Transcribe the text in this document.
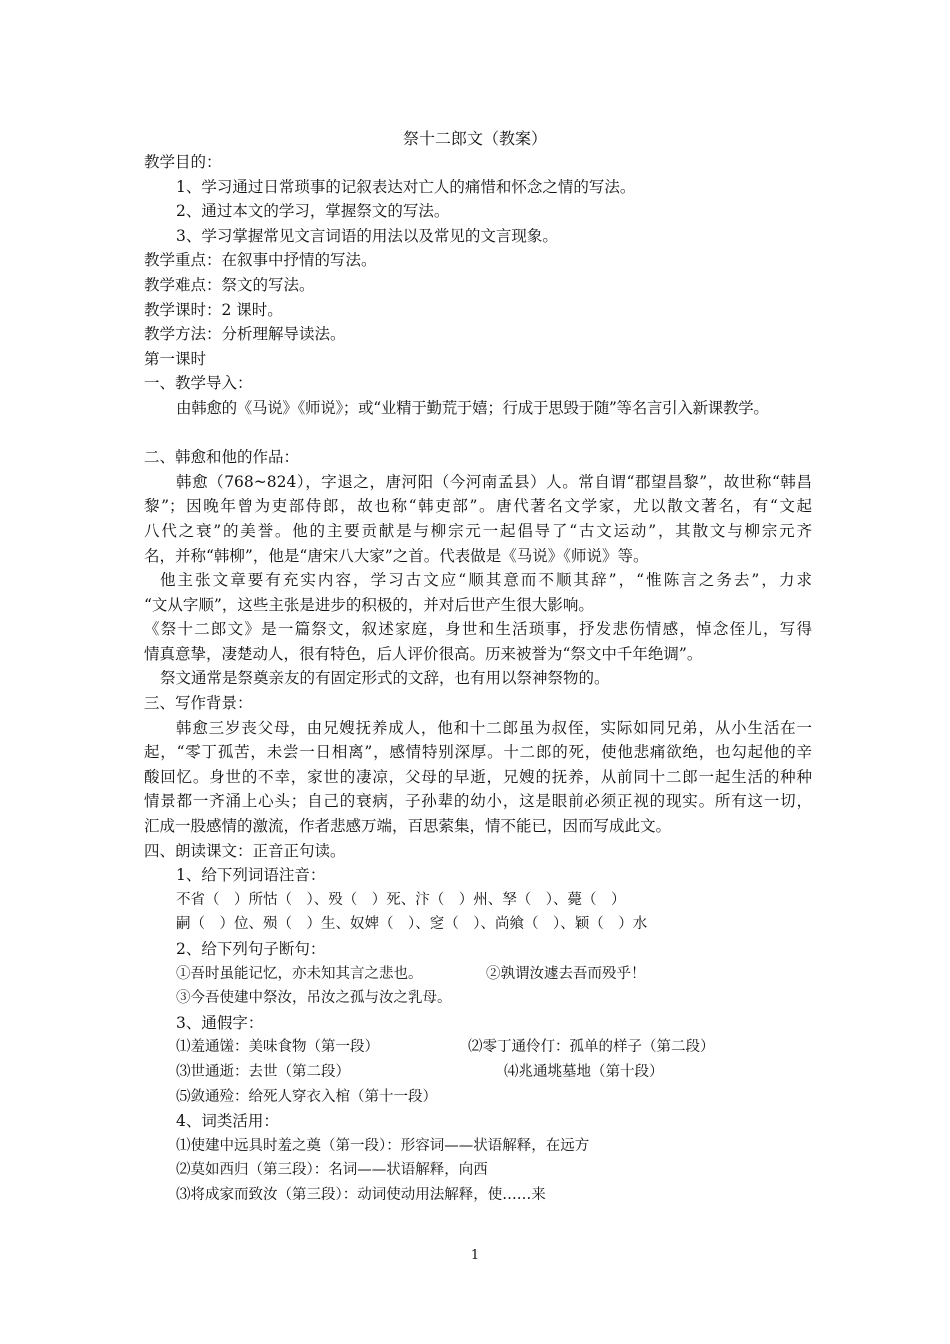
祭十二郎文（教案）
教学目的：
1、学习通过日常琐事的记叙表达对亡人的痛惜和怀念之情的写法。
2、通过本文的学习，掌握祭文的写法。
3、学习掌握常见文言词语的用法以及常见的文言现象。
教学重点：在叙事中抒情的写法。
教学难点：祭文的写法。
教学课时：2 课时。
教学方法：分析理解导读法。
第一课时
一、教学导入：
由韩愈的《马说》《师说》；或“业精于勤荒于嬉；行成于思毁于随”等名言引入新课教学。
二、韩愈和他的作品：
韩愈（768~824），字退之，唐河阳（今河南孟县）人。常自谓“郡望昌黎”，故世称“韩昌
黎”；因晚年曾为吏部侍郎，故也称“韩吏部”。唐代著名文学家，尤以散文著名，有“文起
八代之衰”的美誉。他的主要贡献是与柳宗元一起倡导了“古文运动”，其散文与柳宗元齐
名，并称“韩柳”，他是“唐宋八大家”之首。代表做是《马说》《师说》等。
他主张文章要有充实内容，学习古文应“顺其意而不顺其辞”，“惟陈言之务去”，力求
“文从字顺”，这些主张是进步的积极的，并对后世产生很大影响。
《祭十二郎文》是一篇祭文，叙述家庭，身世和生活琐事，抒发悲伤情感，悼念侄儿，写得
情真意挚，凄楚动人，很有特色，后人评价很高。历来被誉为“祭文中千年绝调”。
祭文通常是祭奠亲友的有固定形式的文辞，也有用以祭神祭物的。
三、写作背景：
韩愈三岁丧父母，由兄嫂抚养成人，他和十二郎虽为叔侄，实际如同兄弟，从小生活在一
起，“零丁孤苦，未尝一日相离”，感情特别深厚。十二郎的死，使他悲痛欲绝，也勾起他的辛
酸回忆。身世的不幸，家世的凄凉，父母的早逝，兄嫂的抚养，从前同十二郎一起生活的种种
情景都一齐涌上心头；自己的衰病，子孙辈的幼小，这是眼前必须正视的现实。所有这一切，
汇成一股感情的激流，作者悲感万端，百思萦集，情不能已，因而写成此文。
四、朗读课文：正音正句读。
1、给下列词语注音：
不省（　）所怙（　）、殁（　）死、汴（　）州、孥（　）、薨（　）
嗣（　）位、殒（　）生、奴婢（　）、窆（　）、尚飨（　）、颖（　）水
2、给下列句子断句：
①吾时虽能记忆，亦未知其言之悲也。	②孰谓汝遽去吾而殁乎！
③今吾使建中祭汝，吊汝之孤与汝之乳母。
3、通假字：
⑴羞通馐：美味食物（第一段）	⑵零丁通伶仃：孤单的样子（第二段）
⑶世通逝：去世（第二段）	⑷兆通垗墓地（第十段）
⑸敛通殓：给死人穿衣入棺（第十一段）
4、词类活用：
⑴使建中远具时羞之奠（第一段）：形容词——状语解释，在远方
⑵莫如西归（第三段）：名词——状语解释，向西
⑶将成家而致汝（第三段）：动词使动用法解释，使……来
1
